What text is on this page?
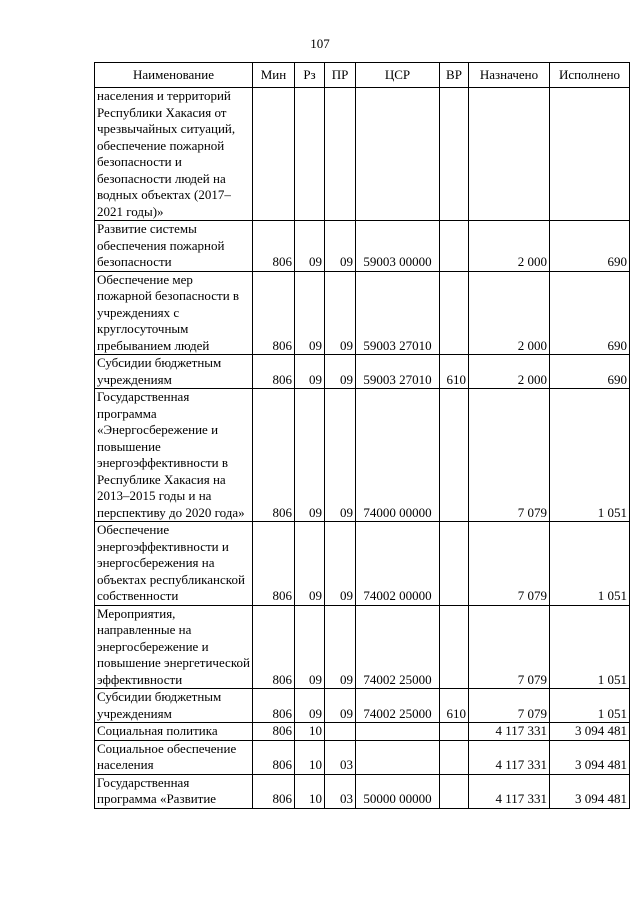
107
Наименование	Мин	Рз	ПР	ЦСР	ВР	Назначено	Исполнено
населения и территорий Республики Хакасия от чрезвычайных ситуаций, обеспечение пожарной безопасности и безопасности людей на водных объектах (2017–2021 годы)»							
Развитие системы обеспечения пожарной безопасности	806	09	09	59003 00000		2 000	690
Обеспечение мер пожарной безопасности в учреждениях с круглосуточным пребыванием людей	806	09	09	59003 27010		2 000	690
Субсидии бюджетным учреждениям	806	09	09	59003 27010	610	2 000	690
Государственная программа «Энергосбережение и повышение энергоэффективности в Республике Хакасия на 2013–2015 годы и на перспективу до 2020 года»	806	09	09	74000 00000		7 079	1 051
Обеспечение энергоэффективности и энергосбережения на объектах республиканской собственности	806	09	09	74002 00000		7 079	1 051
Мероприятия, направленные на энергосбережение и повышение энергетической эффективности	806	09	09	74002 25000		7 079	1 051
Субсидии бюджетным учреждениям	806	09	09	74002 25000	610	7 079	1 051
Социальная политика	806	10				4 117 331	3 094 481
Социальное обеспечение населения	806	10	03			4 117 331	3 094 481
Государственная программа «Развитие	806	10	03	50000 00000		4 117 331	3 094 481
